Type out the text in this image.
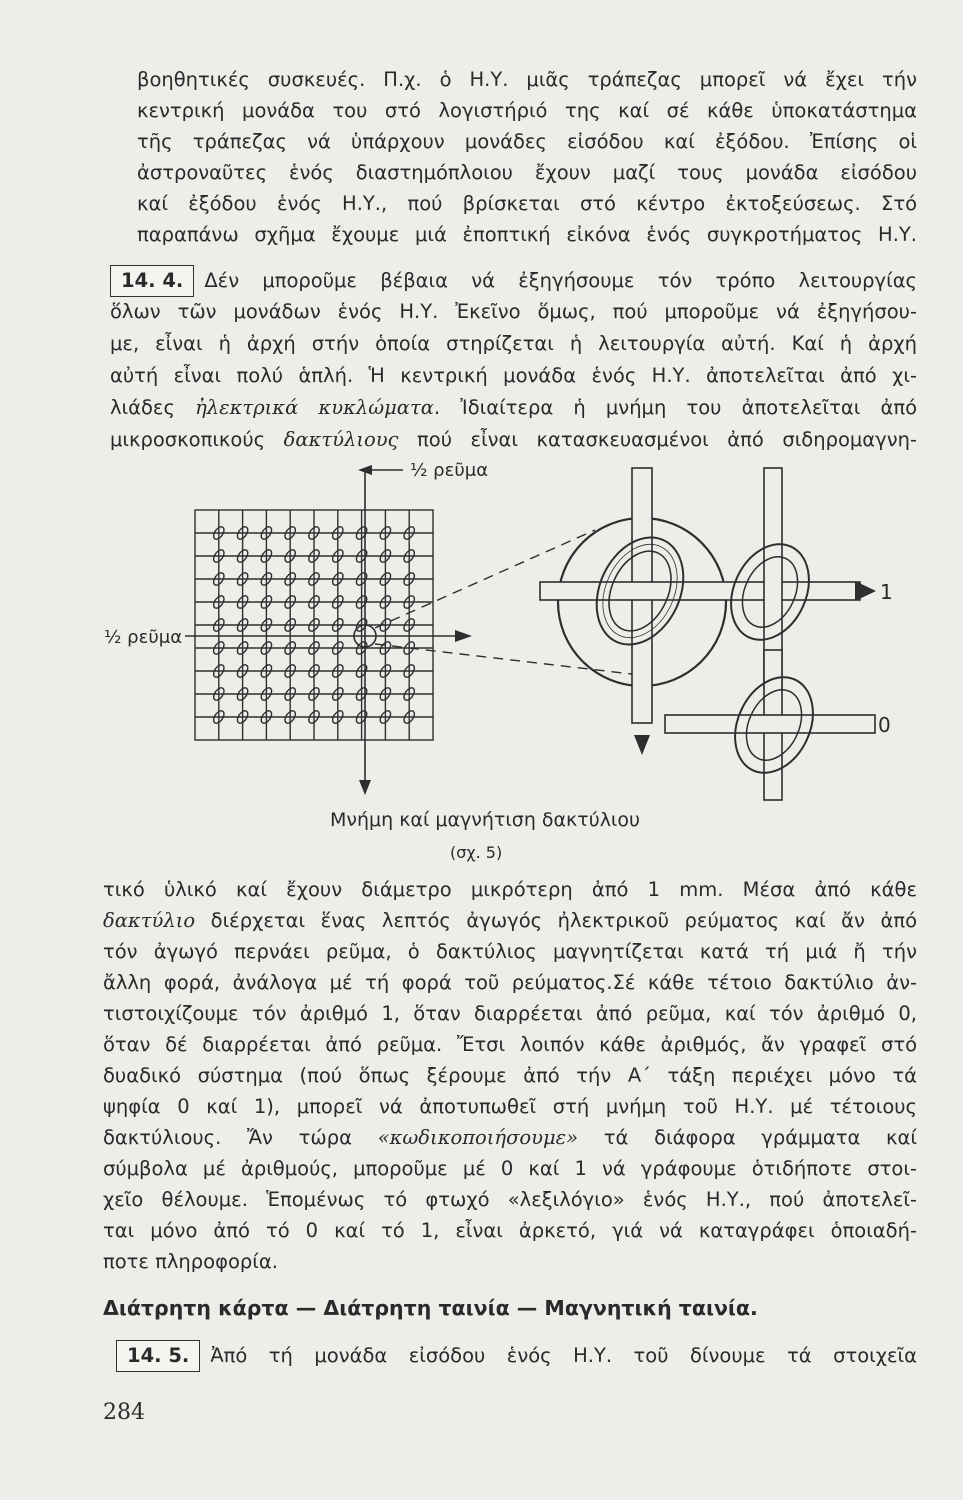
βοηθητικές συσκευές. Π.χ. ὁ Η.Υ. μιᾶς τράπεζας μπορεῖ νά ἔχει τήν
κεντρική μονάδα του στό λογιστήριό της καί σέ κάθε ὑποκατάστημα
τῆς τράπεζας νά ὑπάρχουν μονάδες εἰσόδου καί ἐξόδου. Ἐπίσης οἱ
ἀστροναῦτες ἑνός διαστημόπλοιου ἔχουν μαζί τους μονάδα εἰσόδου
καί ἐξόδου ἑνός Η.Υ., πού βρίσκεται στό κέντρο ἐκτοξεύσεως. Στό
παραπάνω σχῆμα ἔχουμε μιά ἐποπτική εἰκόνα ἑνός συγκροτήματος Η.Υ.
14. 4.	Δέν μποροῦμε βέβαια νά ἐξηγήσουμε τόν τρόπο λειτουργίας
ὅλων τῶν μονάδων ἑνός Η.Υ. Ἐκεῖνο ὅμως, πού μποροῦμε νά ἐξηγήσου-
με, εἶναι ἡ ἀρχή στήν ὁποία στηρίζεται ἡ λειτουργία αὐτή. Καί ἡ ἀρχή
αὐτή εἶναι πολύ ἁπλή. Ἡ κεντρική μονάδα ἑνός Η.Υ. ἀποτελεῖται ἀπό χι-
λιάδες ἠλεκτρικά κυκλώματα. Ἰδιαίτερα ἡ μνήμη του ἀποτελεῖται ἀπό
μικροσκοπικούς δακτύλιους πού εἶναι κατασκευασμένοι ἀπό σιδηρομαγνη-
½ ρεῦμα
½ ρεῦμα
1
0
Μνήμη καί μαγνήτιση δακτύλιου
(σχ. 5)
τικό ὑλικό καί ἔχουν διάμετρο μικρότερη ἀπό 1 mm. Μέσα ἀπό κάθε
δακτύλιο διέρχεται ἕνας λεπτός ἀγωγός ἠλεκτρικοῦ ρεύματος καί ἄν ἀπό
τόν ἀγωγό περνάει ρεῦμα, ὁ δακτύλιος μαγνητίζεται κατά τή μιά ἤ τήν
ἄλλη φορά, ἀνάλογα μέ τή φορά τοῦ ρεύματος.Σέ κάθε τέτοιο δακτύλιο ἀν-
τιστοιχίζουμε τόν ἀριθμό 1, ὅταν διαρρέεται ἀπό ρεῦμα, καί τόν ἀριθμό 0,
ὅταν δέ διαρρέεται ἀπό ρεῦμα. Ἔτσι λοιπόν κάθε ἀριθμός, ἄν γραφεῖ στό
δυαδικό σύστημα (πού ὅπως ξέρουμε ἀπό τήν Α΄ τάξη περιέχει μόνο τά
ψηφία 0 καί 1), μπορεῖ νά ἀποτυπωθεῖ στή μνήμη τοῦ Η.Υ. μέ τέτοιους
δακτύλιους. Ἄν τώρα «κωδικοποιήσουμε» τά διάφορα γράμματα καί
σύμβολα μέ ἀριθμούς, μποροῦμε μέ 0 καί 1 νά γράφουμε ὁτιδήποτε στοι-
χεῖο θέλουμε. Ἑπομένως τό φτωχό «λεξιλόγιο» ἑνός Η.Υ., πού ἀποτελεῖ-
ται μόνο ἀπό τό 0 καί τό 1, εἶναι ἀρκετό, γιά νά καταγράφει ὁποιαδή-
ποτε πληροφορία.
Διάτρητη κάρτα — Διάτρητη ταινία — Μαγνητική ταινία.
14. 5.	Ἀπό τή μονάδα εἰσόδου ἑνός Η.Υ. τοῦ δίνουμε τά στοιχεῖα
284
